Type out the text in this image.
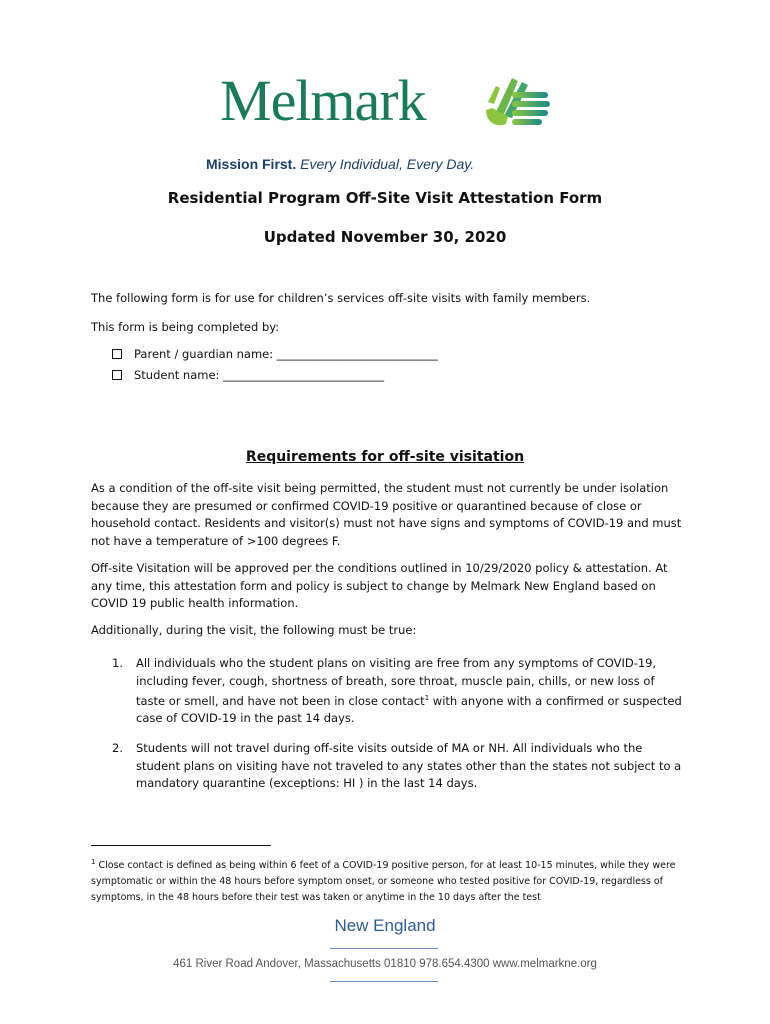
Melmark
Mission First. Every Individual, Every Day.
Residential Program Off-Site Visit Attestation Form
Updated November 30, 2020
The following form is for use for children’s services off-site visits with family members.
This form is being completed by:
Parent / guardian name: ____________________________
Student name: ____________________________
Requirements for off-site visitation
As a condition of the off-site visit being permitted, the student must not currently be under isolation because they are presumed or confirmed COVID-19 positive or quarantined because of close or household contact. Residents and visitor(s) must not have signs and symptoms of COVID-19 and must not have a temperature of >100 degrees F.
Off-site Visitation will be approved per the conditions outlined in 10/29/2020 policy & attestation. At any time, this attestation form and policy is subject to change by Melmark New England based on COVID 19 public health information.
Additionally, during the visit, the following must be true:
1. All individuals who the student plans on visiting are free from any symptoms of COVID-19, including fever, cough, shortness of breath, sore throat, muscle pain, chills, or new loss of taste or smell, and have not been in close contact$^1$ with anyone with a confirmed or suspected case of COVID-19 in the past 14 days.
2. Students will not travel during off-site visits outside of MA or NH. All individuals who the student plans on visiting have not traveled to any states other than the states not subject to a mandatory quarantine (exceptions: HI ) in the last 14 days.
$^1$ Close contact is defined as being within 6 feet of a COVID-19 positive person, for at least 10-15 minutes, while they were symptomatic or within the 48 hours before symptom onset, or someone who tested positive for COVID-19, regardless of symptoms, in the 48 hours before their test was taken or anytime in the 10 days after the test
New England
461 River Road Andover, Massachusetts 01810 978.654.4300 www.melmarkne.org
